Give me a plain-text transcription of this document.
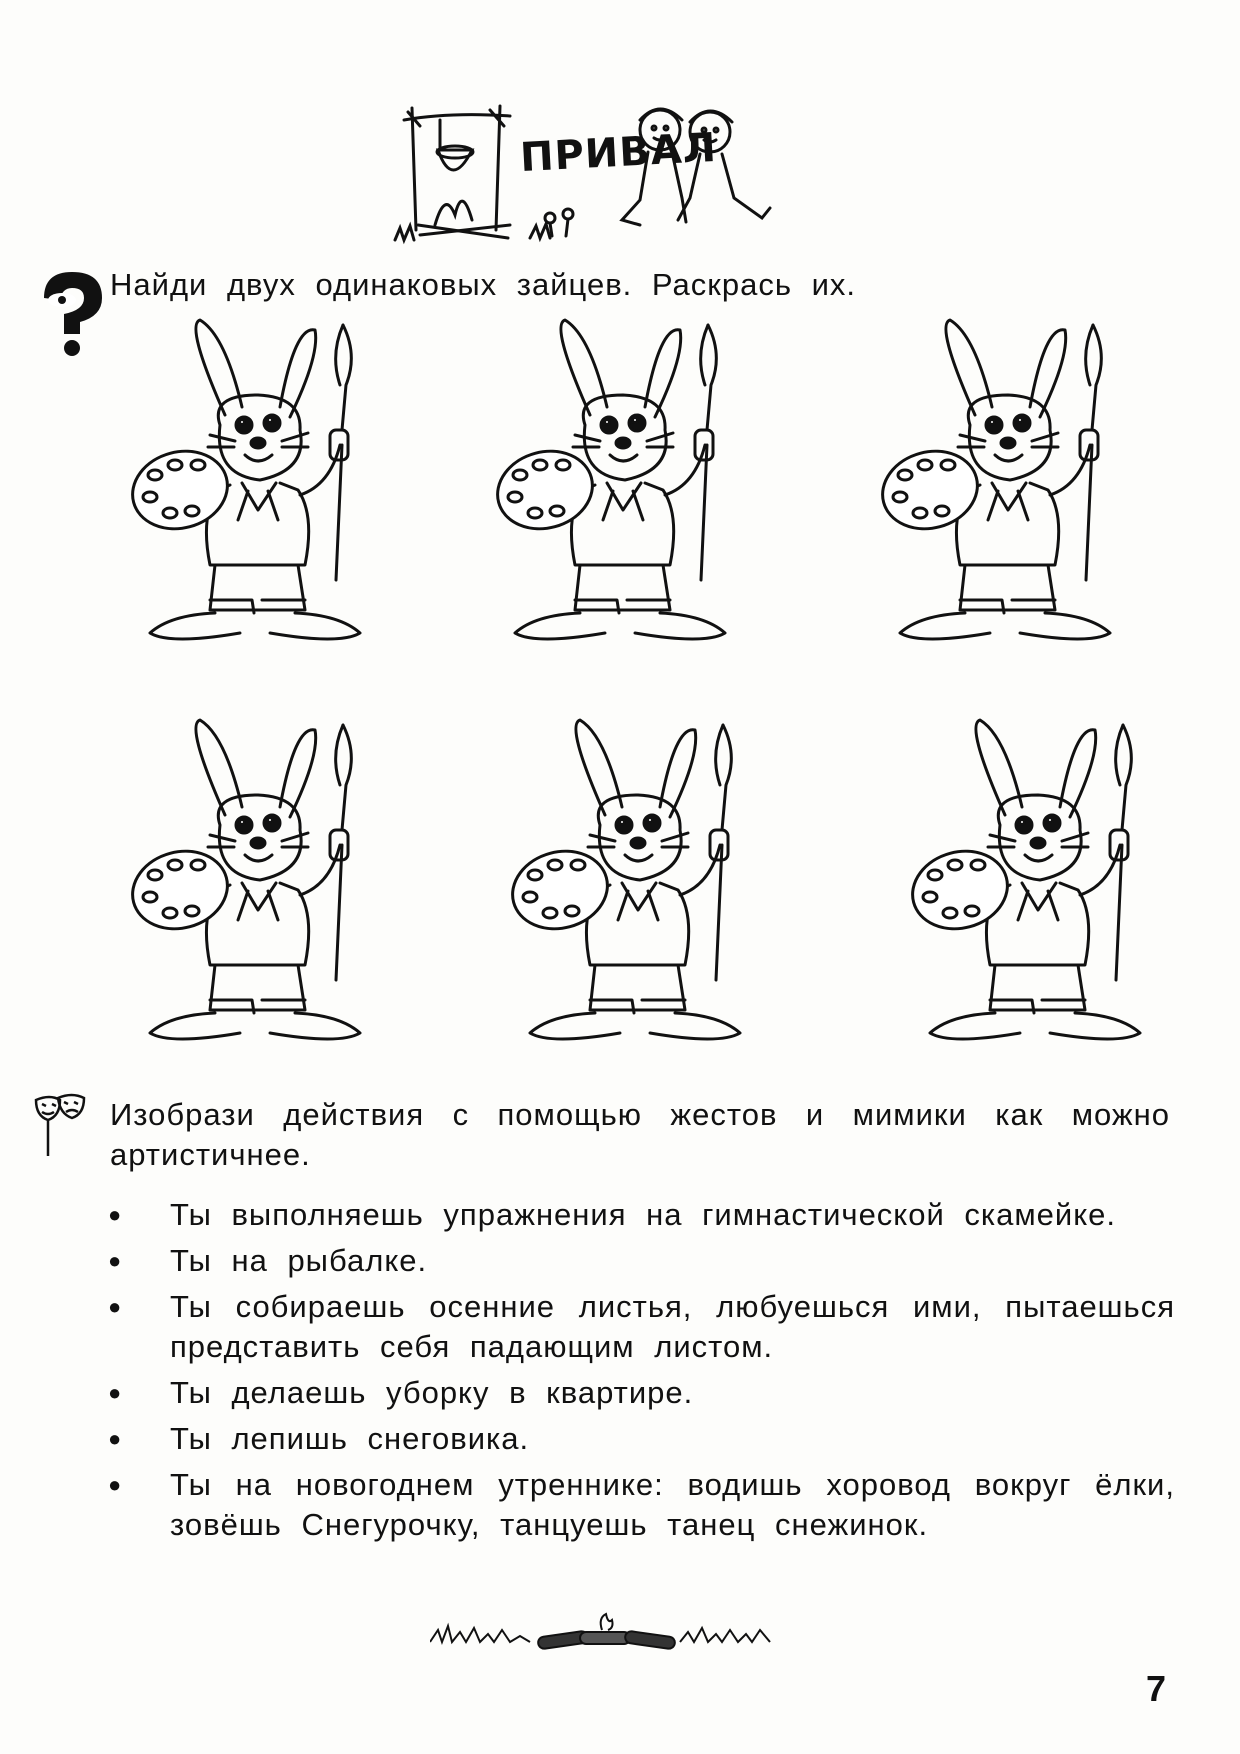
ПРИВАЛ
Найди двух одинаковых зайцев. Раскрась их.
Изобрази действия с помощью жестов и мимики как можно артистичнее.
● Ты выполняешь упражнения на гимнастической скамейке.
● Ты на рыбалке.
● Ты собираешь осенние листья, любуешься ими, пытаешься представить себя падающим листом.
● Ты делаешь уборку в квартире.
● Ты лепишь снеговика.
● Ты на новогоднем утреннике: водишь хоровод вокруг ёлки, зовёшь Снегурочку, танцуешь танец снежинок.
7
